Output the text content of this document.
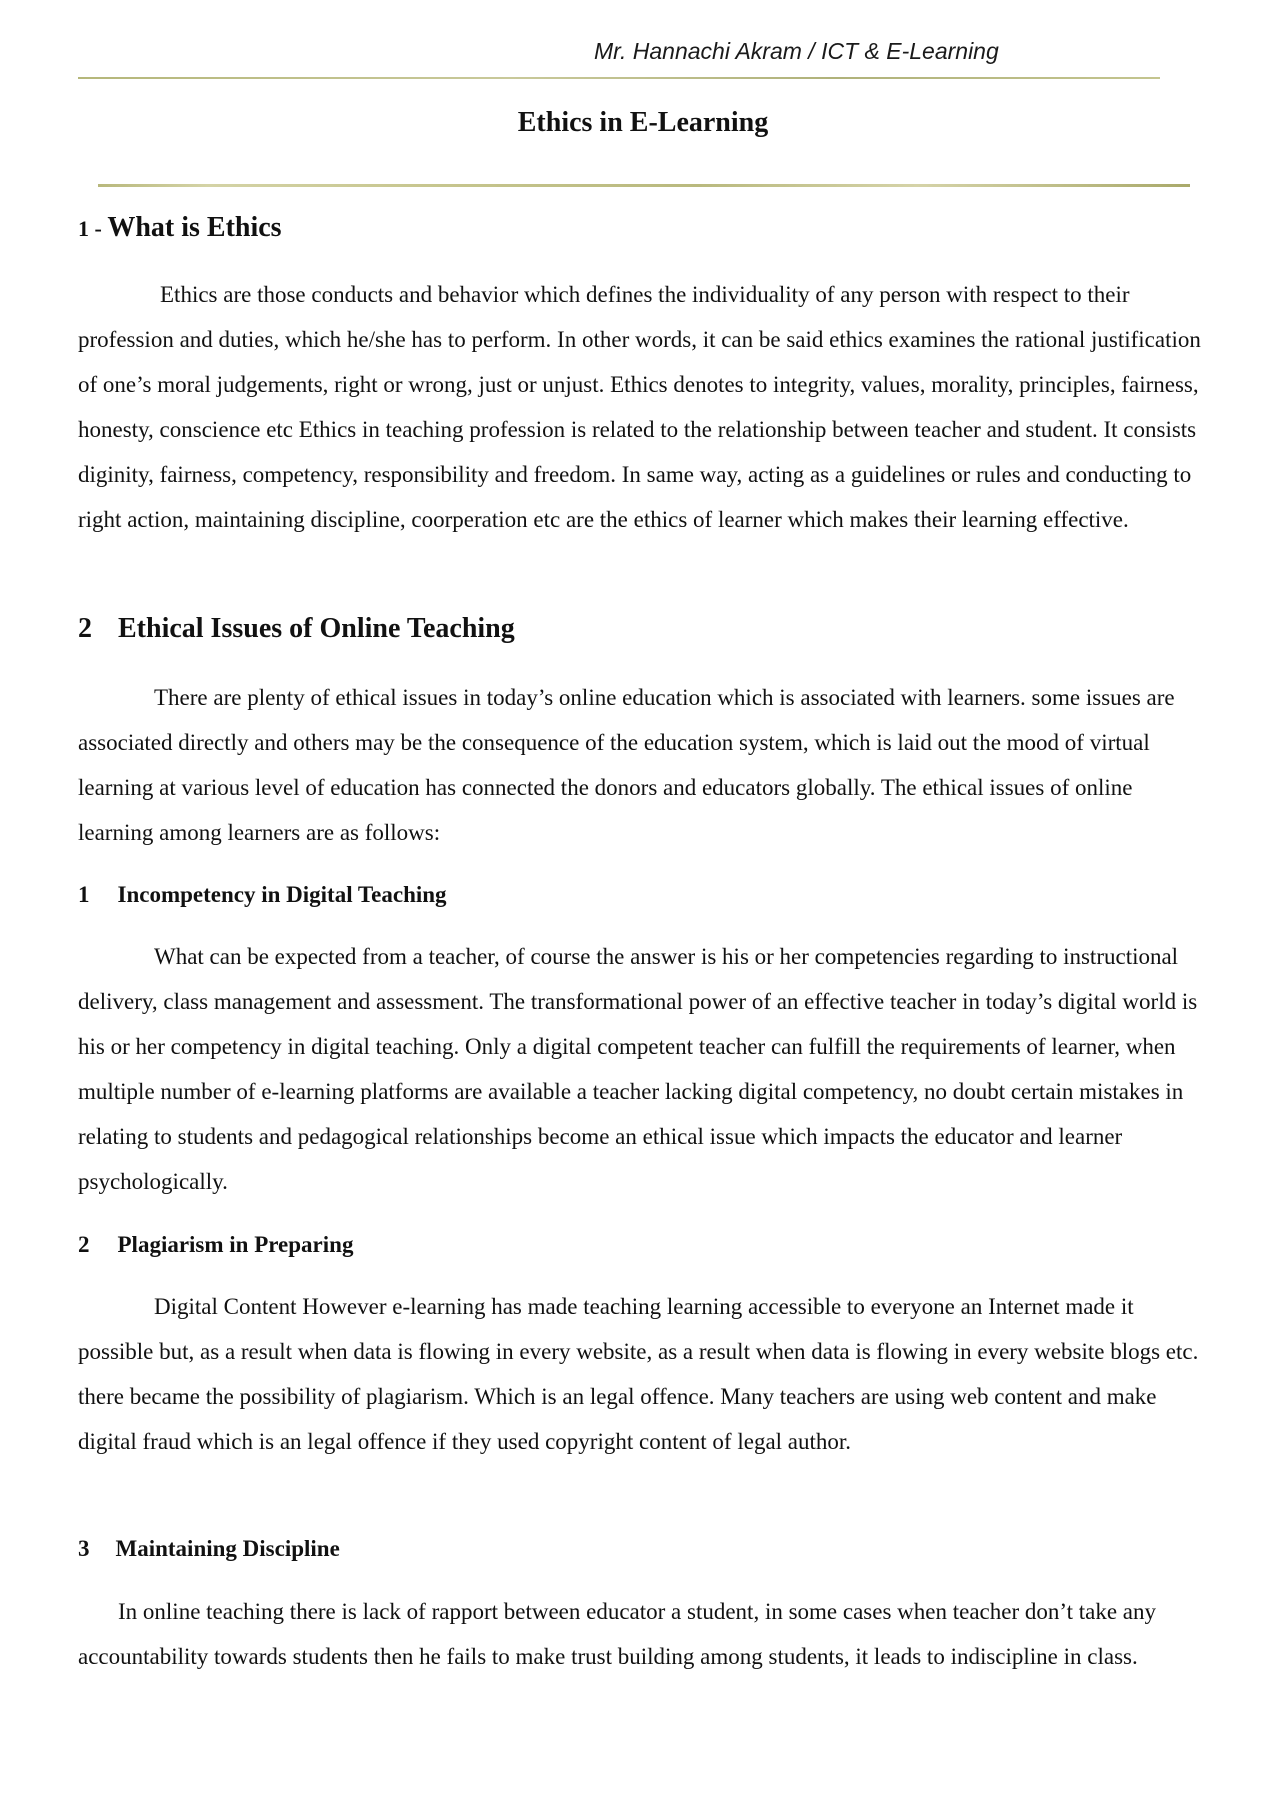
Mr. Hannachi Akram / ICT & E-Learning
Ethics in E-Learning
1 - What is Ethics
Ethics are those conducts and behavior which defines the individuality of any person with respect to their profession and duties, which he/she has to perform. In other words, it can be said ethics examines the rational justification of one’s moral judgements, right or wrong, just or unjust. Ethics denotes to integrity, values, morality, principles, fairness, honesty, conscience etc Ethics in teaching profession is related to the relationship between teacher and student. It consists diginity, fairness, competency, responsibility and freedom. In same way, acting as a guidelines or rules and conducting to right action, maintaining discipline, coorperation etc are the ethics of learner which makes their learning effective.
2 Ethical Issues of Online Teaching
There are plenty of ethical issues in today’s online education which is associated with learners. some issues are associated directly and others may be the consequence of the education system, which is laid out the mood of virtual learning at various level of education has connected the donors and educators globally. The ethical issues of online learning among learners are as follows:
1 Incompetency in Digital Teaching
What can be expected from a teacher, of course the answer is his or her competencies regarding to instructional delivery, class management and assessment. The transformational power of an effective teacher in today’s digital world is his or her competency in digital teaching. Only a digital competent teacher can fulfill the requirements of learner, when multiple number of e-learning platforms are available a teacher lacking digital competency, no doubt certain mistakes in relating to students and pedagogical relationships become an ethical issue which impacts the educator and learner psychologically.
2 Plagiarism in Preparing
Digital Content However e-learning has made teaching learning accessible to everyone an Internet made it possible but, as a result when data is flowing in every website, as a result when data is flowing in every website blogs etc. there became the possibility of plagiarism. Which is an legal offence. Many teachers are using web content and make digital fraud which is an legal offence if they used copyright content of legal author.
3 Maintaining Discipline
In online teaching there is lack of rapport between educator a student, in some cases when teacher don’t take any accountability towards students then he fails to make trust building among students, it leads to indiscipline in class.
